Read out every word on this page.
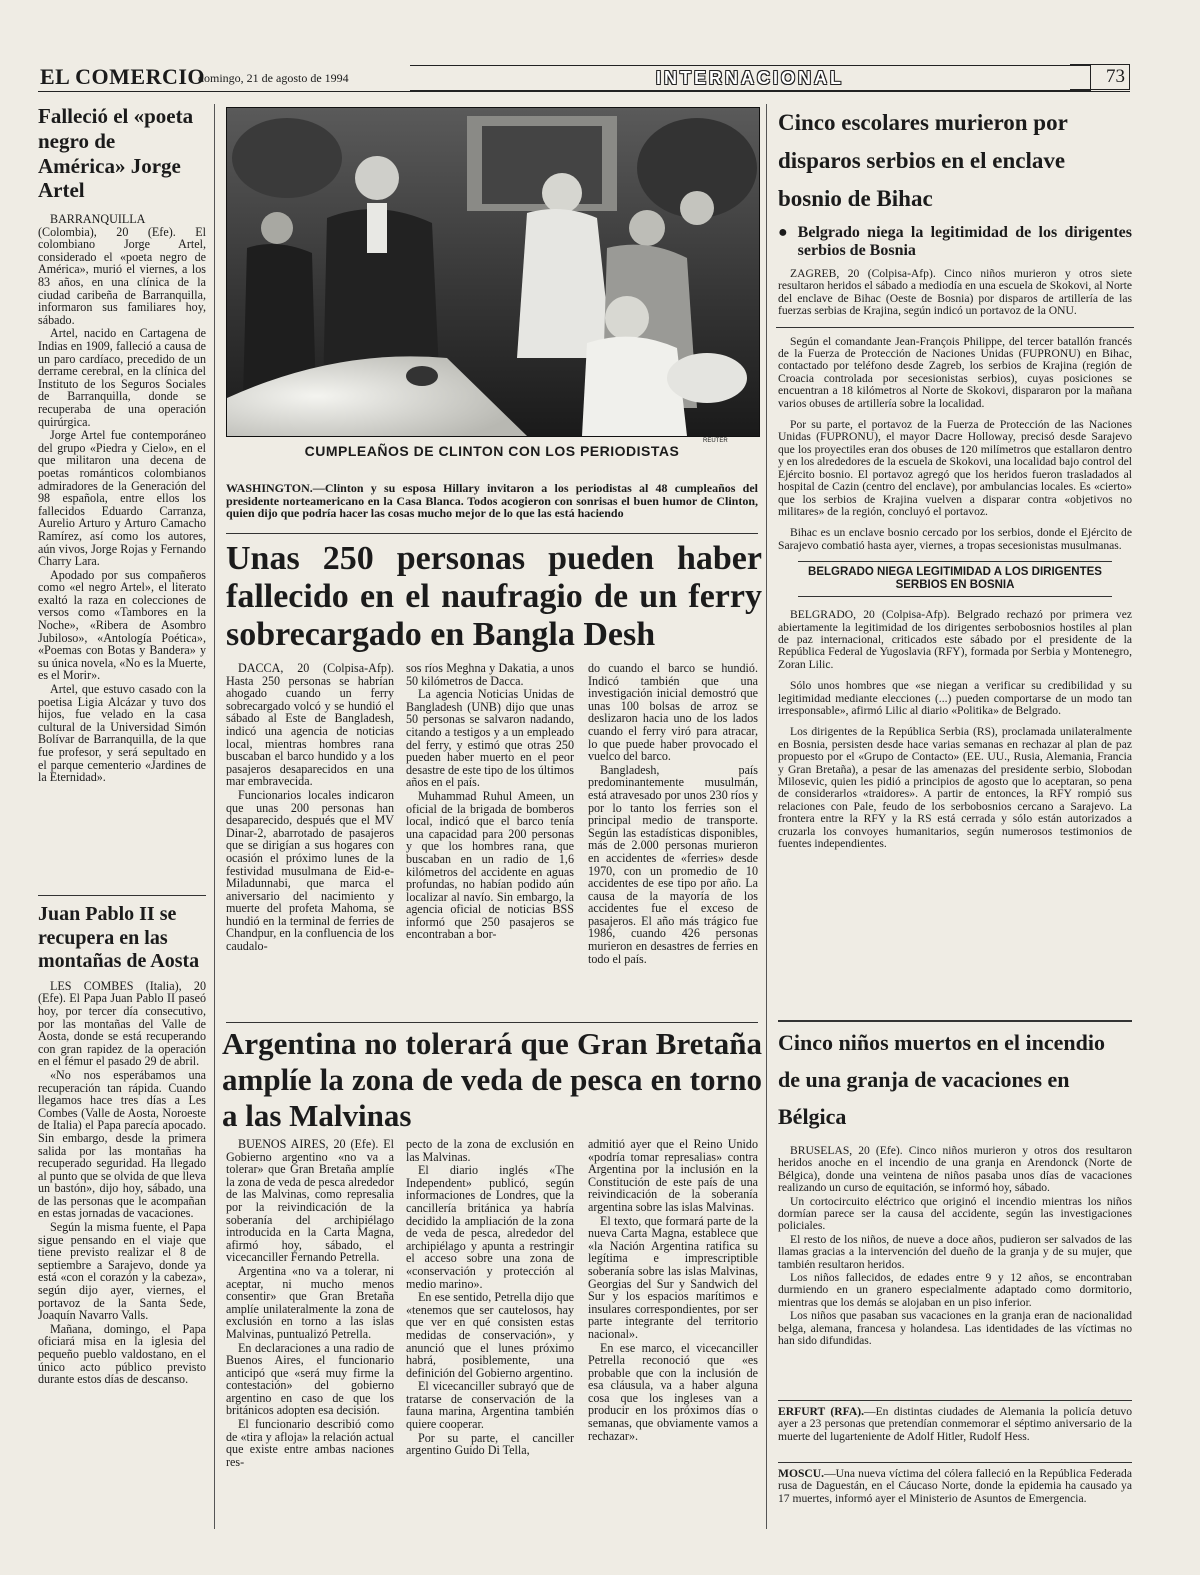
EL COMERCIO
domingo, 21 de agosto de 1994	INTERNACIONAL	73
Falleció el «poeta negro de América» Jorge Artel

BARRANQUILLA (Colombia), 20 (Efe). El colombiano Jorge Artel, considerado el «poeta negro de América», murió el viernes, a los 83 años, en una clínica de la ciudad caribeña de Barranquilla, informaron sus familiares hoy, sábado.

Artel, nacido en Cartagena de Indias en 1909, falleció a causa de un paro cardíaco, precedido de un derrame cerebral, en la clínica del Instituto de los Seguros Sociales de Barranquilla, donde se recuperaba de una operación quirúrgica.

Jorge Artel fue contemporáneo del grupo «Piedra y Cielo», en el que militaron una decena de poetas románticos colombianos admiradores de la Generación del 98 española, entre ellos los fallecidos Eduardo Carranza, Aurelio Arturo y Arturo Camacho Ramírez, así como los autores, aún vivos, Jorge Rojas y Fernando Charry Lara.

Apodado por sus compañeros como «el negro Artel», el literato exaltó la raza en colecciones de versos como «Tambores en la Noche», «Ribera de Asombro Jubiloso», «Antología Poética», «Poemas con Botas y Bandera» y su única novela, «No es la Muerte, es el Morir».

Artel, que estuvo casado con la poetisa Ligia Alcázar y tuvo dos hijos, fue velado en la casa cultural de la Universidad Simón Bolívar de Barranquilla, de la que fue profesor, y será sepultado en el parque cementerio «Jardines de la Eternidad».

Juan Pablo II se recupera en las montañas de Aosta

LES COMBES (Italia), 20 (Efe). El Papa Juan Pablo II paseó hoy, por tercer día consecutivo, por las montañas del Valle de Aosta, donde se está recuperando con gran rapidez de la operación en el fémur el pasado 29 de abril.

«No nos esperábamos una recuperación tan rápida. Cuando llegamos hace tres días a Les Combes (Valle de Aosta, Noroeste de Italia) el Papa parecía apocado. Sin embargo, desde la primera salida por las montañas ha recuperado seguridad. Ha llegado al punto que se olvida de que lleva un bastón», dijo hoy, sábado, una de las personas que le acompañan en estas jornadas de vacaciones.

Según la misma fuente, el Papa sigue pensando en el viaje que tiene previsto realizar el 8 de septiembre a Sarajevo, donde ya está «con el corazón y la cabeza», según dijo ayer, viernes, el portavoz de la Santa Sede, Joaquín Navarro Valls.

Mañana, domingo, el Papa oficiará misa en la iglesia del pequeño pueblo valdostano, en el único acto público previsto durante estos días de descanso.

REUTER
CUMPLEAÑOS DE CLINTON CON LOS PERIODISTAS
WASHINGTON.—Clinton y su esposa Hillary invitaron a los periodistas al 48 cumpleaños del presidente norteamericano en la Casa Blanca. Todos acogieron con sonrisas el buen humor de Clinton, quien dijo que podría hacer las cosas mucho mejor de lo que las está haciendo
Unas 250 personas pueden haber fallecido en el naufragio de un ferry sobrecargado en Bangla Desh

DACCA, 20 (Colpisa-Afp). Hasta 250 personas se habrían ahogado cuando un ferry sobrecargado volcó y se hundió el sábado al Este de Bangladesh, indicó una agencia de noticias local, mientras hombres rana buscaban el barco hundido y a los pasajeros desaparecidos en una mar embravecida.

Funcionarios locales indicaron que unas 200 personas han desaparecido, después que el MV Dinar-2, abarrotado de pasajeros que se dirigían a sus hogares con ocasión el próximo lunes de la festividad musulmana de Eid-e-Miladunnabi, que marca el aniversario del nacimiento y muerte del profeta Mahoma, se hundió en la terminal de ferries de Chandpur, en la confluencia de los caudalo-

sos ríos Meghna y Dakatia, a unos 50 kilómetros de Dacca.

La agencia Noticias Unidas de Bangladesh (UNB) dijo que unas 50 personas se salvaron nadando, citando a testigos y a un empleado del ferry, y estimó que otras 250 pueden haber muerto en el peor desastre de este tipo de los últimos años en el país.

Muhammad Ruhul Ameen, un oficial de la brigada de bomberos local, indicó que el barco tenía una capacidad para 200 personas y que los hombres rana, que buscaban en un radio de 1,6 kilómetros del accidente en aguas profundas, no habían podido aún localizar al navío. Sin embargo, la agencia oficial de noticias BSS informó que 250 pasajeros se encontraban a bor-

do cuando el barco se hundió. Indicó también que una investigación inicial demostró que unas 100 bolsas de arroz se deslizaron hacia uno de los lados cuando el ferry viró para atracar, lo que puede haber provocado el vuelco del barco.

Bangladesh, país predominantemente musulmán, está atravesado por unos 230 ríos y por lo tanto los ferries son el principal medio de transporte. Según las estadísticas disponibles, más de 2.000 personas murieron en accidentes de «ferries» desde 1970, con un promedio de 10 accidentes de ese tipo por año. La causa de la mayoría de los accidentes fue el exceso de pasajeros. El año más trágico fue 1986, cuando 426 personas murieron en desastres de ferries en todo el país.

Argentina no tolerará que Gran Bretaña amplíe la zona de veda de pesca en torno a las Malvinas

BUENOS AIRES, 20 (Efe). El Gobierno argentino «no va a tolerar» que Gran Bretaña amplíe la zona de veda de pesca alrededor de las Malvinas, como represalia por la reivindicación de la soberanía del archipiélago introducida en la Carta Magna, afirmó hoy, sábado, el vicecanciller Fernando Petrella.

Argentina «no va a tolerar, ni aceptar, ni mucho menos consentir» que Gran Bretaña amplíe unilateralmente la zona de exclusión en torno a las islas Malvinas, puntualizó Petrella.

En declaraciones a una radio de Buenos Aires, el funcionario anticipó que «será muy firme la contestación» del gobierno argentino en caso de que los británicos adopten esa decisión.

El funcionario describió como de «tira y afloja» la relación actual que existe entre ambas naciones res-

pecto de la zona de exclusión en las Malvinas.

El diario inglés «The Independent» publicó, según informaciones de Londres, que la cancillería británica ya habría decidido la ampliación de la zona de veda de pesca, alrededor del archipiélago y apunta a restringir el acceso sobre una zona de «conservación y protección al medio marino».

En ese sentido, Petrella dijo que «tenemos que ser cautelosos, hay que ver en qué consisten estas medidas de conservación», y anunció que el lunes próximo habrá, posiblemente, una definición del Gobierno argentino.

El vicecanciller subrayó que de tratarse de conservación de la fauna marina, Argentina también quiere cooperar.

Por su parte, el canciller argentino Guido Di Tella,

admitió ayer que el Reino Unido «podría tomar represalias» contra Argentina por la inclusión en la Constitución de este país de una reivindicación de la soberanía argentina sobre las islas Malvinas.

El texto, que formará parte de la nueva Carta Magna, establece que «la Nación Argentina ratifica su legítima e imprescriptible soberanía sobre las islas Malvinas, Georgias del Sur y Sandwich del Sur y los espacios marítimos e insulares correspondientes, por ser parte integrante del territorio nacional».

En ese marco, el vicecanciller Petrella reconoció que «es probable que con la inclusión de esa cláusula, va a haber alguna cosa que los ingleses van a producir en los próximos días o semanas, que obviamente vamos a rechazar».

Cinco escolares murieron por disparos serbios en el enclave bosnio de Bihac
● Belgrado niega la legitimidad de los dirigentes serbios de Bosnia

ZAGREB, 20 (Colpisa-Afp). Cinco niños murieron y otros siete resultaron heridos el sábado a mediodía en una escuela de Skokovi, al Norte del enclave de Bihac (Oeste de Bosnia) por disparos de artillería de las fuerzas serbias de Krajina, según indicó un portavoz de la ONU.

Según el comandante Jean-François Philippe, del tercer batallón francés de la Fuerza de Protección de Naciones Unidas (FUPRONU) en Bihac, contactado por teléfono desde Zagreb, los serbios de Krajina (región de Croacia controlada por secesionistas serbios), cuyas posiciones se encuentran a 18 kilómetros al Norte de Skokovi, dispararon por la mañana varios obuses de artillería sobre la localidad.

Por su parte, el portavoz de la Fuerza de Protección de las Naciones Unidas (FUPRONU), el mayor Dacre Holloway, precisó desde Sarajevo que los proyectiles eran dos obuses de 120 milímetros que estallaron dentro y en los alrededores de la escuela de Skokovi, una localidad bajo control del Ejército bosnio. El portavoz agregó que los heridos fueron trasladados al hospital de Cazin (centro del enclave), por ambulancias locales. Es «cierto» que los serbios de Krajina vuelven a disparar contra «objetivos no militares» de la región, concluyó el portavoz.

Bihac es un enclave bosnio cercado por los serbios, donde el Ejército de Sarajevo combatió hasta ayer, viernes, a tropas secesionistas musulmanas.

BELGRADO NIEGA LEGITIMIDAD A LOS DIRIGENTES SERBIOS EN BOSNIA

BELGRADO, 20 (Colpisa-Afp). Belgrado rechazó por primera vez abiertamente la legitimidad de los dirigentes serbobosnios hostiles al plan de paz internacional, criticados este sábado por el presidente de la República Federal de Yugoslavia (RFY), formada por Serbia y Montenegro, Zoran Lilic.

Sólo unos hombres que «se niegan a verificar su credibilidad y su legitimidad mediante elecciones (...) pueden comportarse de un modo tan irresponsable», afirmó Lilic al diario «Politika» de Belgrado.

Los dirigentes de la República Serbia (RS), proclamada unilateralmente en Bosnia, persisten desde hace varias semanas en rechazar al plan de paz propuesto por el «Grupo de Contacto» (EE. UU., Rusia, Alemania, Francia y Gran Bretaña), a pesar de las amenazas del presidente serbio, Slobodan Milosevic, quien les pidió a principios de agosto que lo aceptaran, so pena de considerarlos «traidores». A partir de entonces, la RFY rompió sus relaciones con Pale, feudo de los serbobosnios cercano a Sarajevo. La frontera entre la RFY y la RS está cerrada y sólo están autorizados a cruzarla los convoyes humanitarios, según numerosos testimonios de fuentes independientes.

Cinco niños muertos en el incendio de una granja de vacaciones en Bélgica

BRUSELAS, 20 (Efe). Cinco niños murieron y otros dos resultaron heridos anoche en el incendio de una granja en Arendonck (Norte de Bélgica), donde una veintena de niños pasaba unos días de vacaciones realizando un curso de equitación, se informó hoy, sábado.

Un cortocircuito eléctrico que originó el incendio mientras los niños dormían parece ser la causa del accidente, según las investigaciones policiales.

El resto de los niños, de nueve a doce años, pudieron ser salvados de las llamas gracias a la intervención del dueño de la granja y de su mujer, que también resultaron heridos.

Los niños fallecidos, de edades entre 9 y 12 años, se encontraban durmiendo en un granero especialmente adaptado como dormitorio, mientras que los demás se alojaban en un piso inferior.

Los niños que pasaban sus vacaciones en la granja eran de nacionalidad belga, alemana, francesa y holandesa. Las identidades de las víctimas no han sido difundidas.

ERFURT (RFA).—En distintas ciudades de Alemania la policía detuvo ayer a 23 personas que pretendían conmemorar el séptimo aniversario de la muerte del lugarteniente de Adolf Hitler, Rudolf Hess.

MOSCU.—Una nueva víctima del cólera falleció en la República Federada rusa de Daguestán, en el Cáucaso Norte, donde la epidemia ha causado ya 17 muertes, informó ayer el Ministerio de Asuntos de Emergencia.
